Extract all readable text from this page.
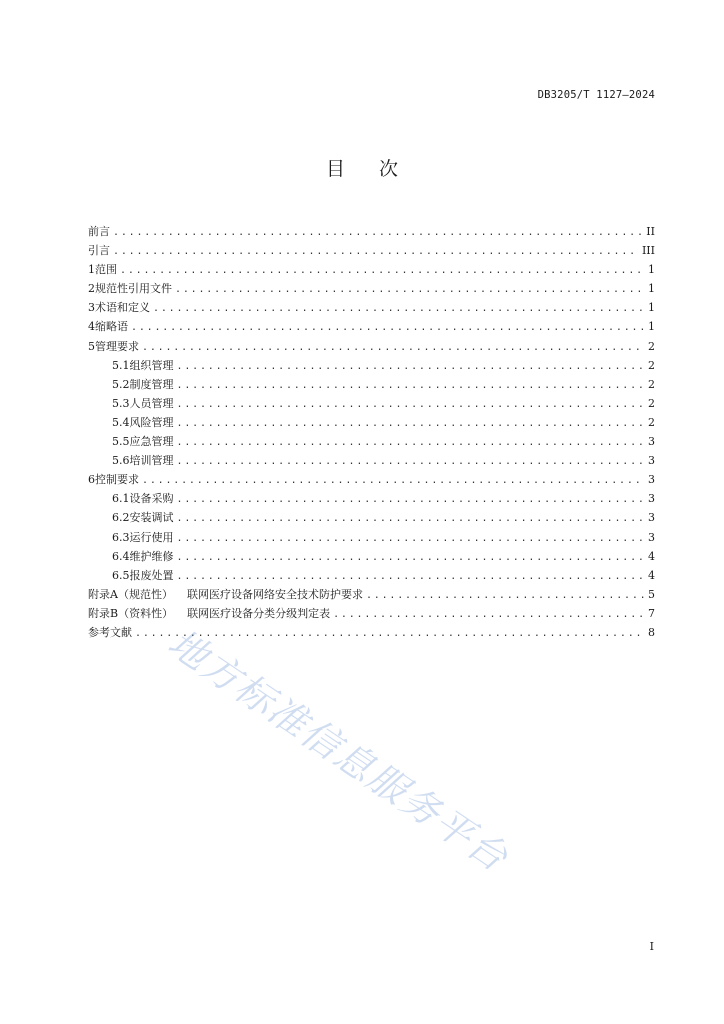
DB3205/T 1127—2024
目次
前言 .....	II
引言 .....	III
1 范围 .....	1
2 规范性引用文件 .....	1
3 术语和定义 .....	1
4 缩略语 .....	1
5 管理要求 .....	2
5.1 组织管理 .....	2
5.2 制度管理 .....	2
5.3 人员管理 .....	2
5.4 风险管理 .....	2
5.5 应急管理 .....	3
5.6 培训管理 .....	3
6 控制要求 .....	3
6.1 设备采购 .....	3
6.2 安装调试 .....	3
6.3 运行使用 .....	3
6.4 维护维修 .....	4
6.5 报废处置 .....	4
附录A（规范性） 联网医疗设备网络安全技术防护要求 .....	5
附录B（资料性） 联网医疗设备分类分级判定表 .....	7
参考文献 .....	8
地方标准信息服务平台
I
